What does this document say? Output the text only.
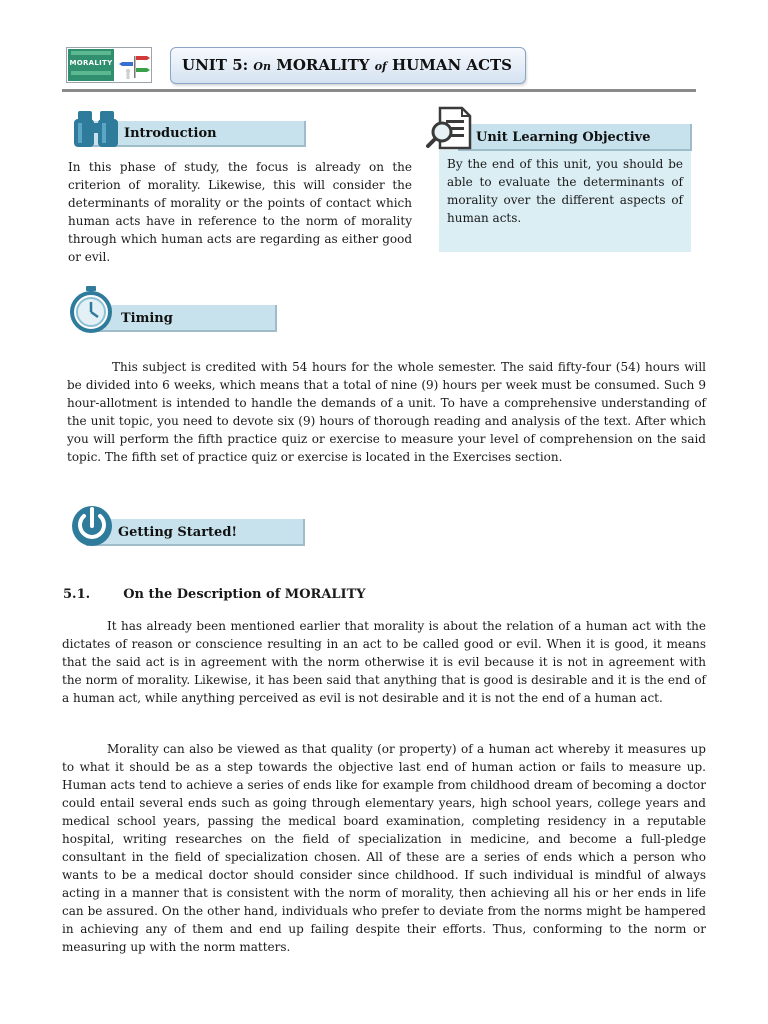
MORALITY	UNIT 5: On MORALITY of HUMAN ACTS
Introduction
In this phase of study, the focus is already on the criterion of morality. Likewise, this will consider the determinants of morality or the points of contact which human acts have in reference to the norm of morality through which human acts are regarding as either good or evil.
Unit Learning Objective
By the end of this unit, you should be able to evaluate the determinants of morality over the different aspects of human acts.
Timing
This subject is credited with 54 hours for the whole semester. The said fifty-four (54) hours will be divided into 6 weeks, which means that a total of nine (9) hours per week must be consumed. Such 9 hour-allotment is intended to handle the demands of a unit. To have a comprehensive understanding of the unit topic, you need to devote six (9) hours of thorough reading and analysis of the text. After which you will perform the fifth practice quiz or exercise to measure your level of comprehension on the said topic. The fifth set of practice quiz or exercise is located in the Exercises section.
Getting Started!
5.1.	On the Description of MORALITY
It has already been mentioned earlier that morality is about the relation of a human act with the dictates of reason or conscience resulting in an act to be called good or evil. When it is good, it means that the said act is in agreement with the norm otherwise it is evil because it is not in agreement with the norm of morality. Likewise, it has been said that anything that is good is desirable and it is the end of a human act, while anything perceived as evil is not desirable and it is not the end of a human act.
Morality can also be viewed as that quality (or property) of a human act whereby it measures up to what it should be as a step towards the objective last end of human action or fails to measure up. Human acts tend to achieve a series of ends like for example from childhood dream of becoming a doctor could entail several ends such as going through elementary years, high school years, college years and medical school years, passing the medical board examination, completing residency in a reputable hospital, writing researches on the field of specialization in medicine, and become a full-pledge consultant in the field of specialization chosen. All of these are a series of ends which a person who wants to be a medical doctor should consider since childhood. If such individual is mindful of always acting in a manner that is consistent with the norm of morality, then achieving all his or her ends in life can be assured. On the other hand, individuals who prefer to deviate from the norms might be hampered in achieving any of them and end up failing despite their efforts. Thus, conforming to the norm or measuring up with the norm matters.
